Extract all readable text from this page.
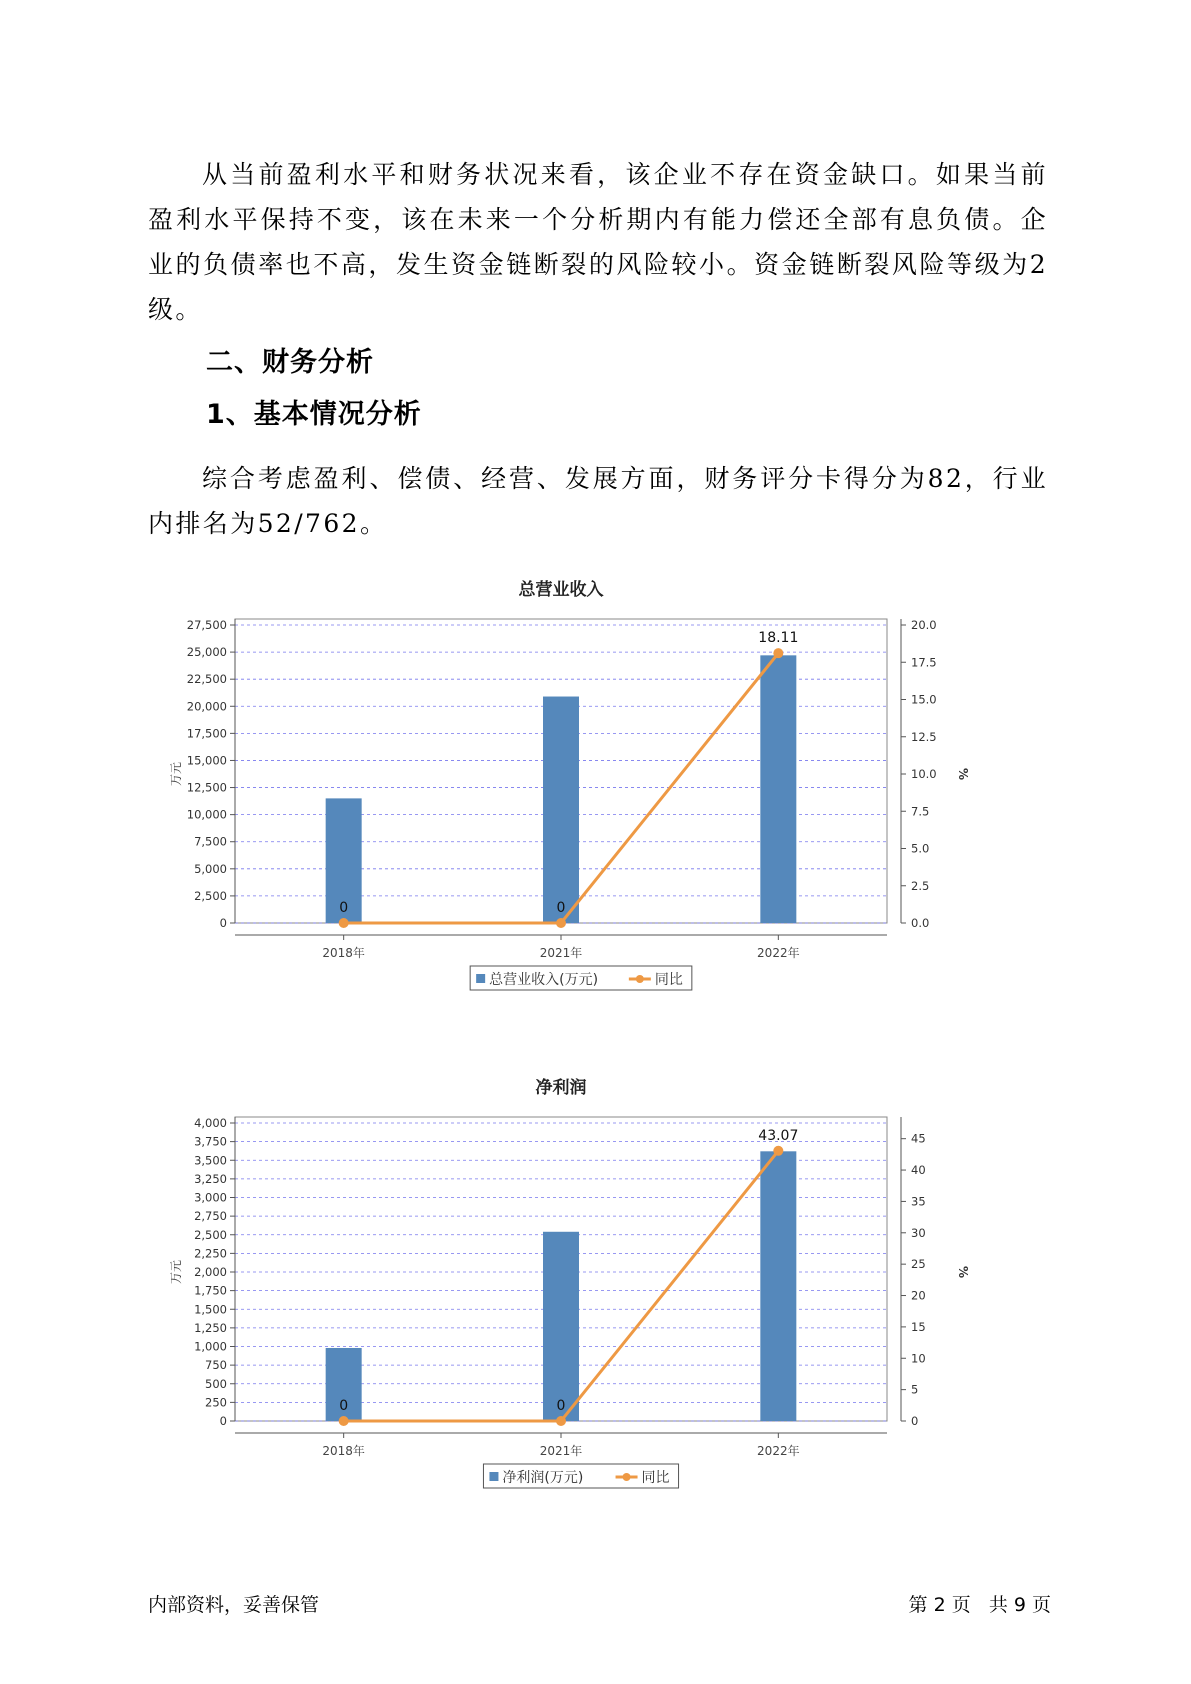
从当前盈利水平和财务状况来看，该企业不存在资金缺口。如果当前盈利水平保持不变，该在未来一个分析期内有能力偿还全部有息负债。企业的负债率也不高，发生资金链断裂的风险较小。资金链断裂风险等级为2级。

二、财务分析
1、基本情况分析

综合考虑盈利、偿债、经营、发展方面，财务评分卡得分为82，行业内排名为52/762。

总营业收入
0
2,500
5,000
7,500
10,000
12,500
15,000
17,500
20,000
22,500
25,000
27,500
万元
0.0
2.5
5.0
7.5
10.0
12.5
15.0
17.5
20.0
%
2018年	2021年	2022年
0	0
18.11
总营业收入(万元)	同比
净利润
0
250
500
750
1,000
1,250
1,500
1,750
2,000
2,250
2,500
2,750
3,000
3,250
3,500
3,750
4,000
万元
0
5
10
15
20
25
30
35
40
45
%
2018年	2021年	2022年
0	0
43.07
净利润(万元)	同比
内部资料，妥善保管	第 2 页   共 9 页
